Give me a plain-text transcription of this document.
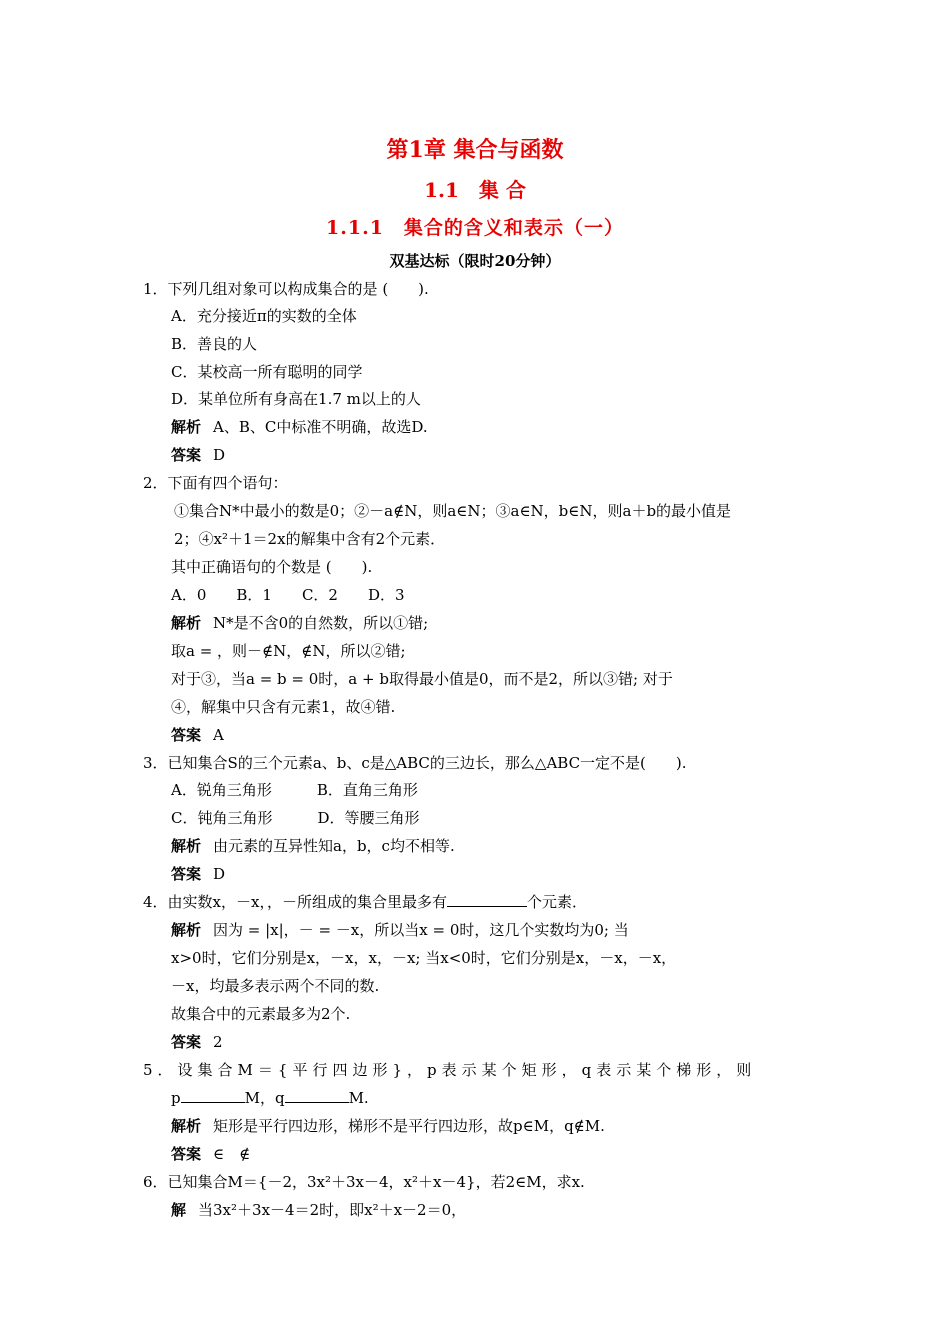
第1章 集合与函数
1.1　集 合
1.1.1　集合的含义和表示（一）
双基达标（限时20分钟）
1．下列几组对象可以构成集合的是 (　　).
A．充分接近π的实数的全体
B．善良的人
C．某校高一所有聪明的同学
D．某单位所有身高在1.7 m以上的人
解析 A、B、C中标准不明确，故选D.
答案 D
2．下面有四个语句：
①集合N*中最小的数是0；②－a∉N，则a∈N；③a∈N，b∈N，则a＋b的最小值是
2；④x²＋1＝2x的解集中含有2个元素．
其中正确语句的个数是 (　　).
A．0　　B．1　　C．2　　D．3
解析 N*是不含0的自然数，所以①错;
取a = ，则－∉N，∉N，所以②错;
对于③，当a = b = 0时，a + b取得最小值是0，而不是2，所以③错; 对于
④，解集中只含有元素1，故④错.
答案 A
3．已知集合S的三个元素a、b、c是△ABC的三边长，那么△ABC一定不是(　　).
A．锐角三角形　　　B．直角三角形
C．钝角三角形　　　D．等腰三角形
解析 由元素的互异性知a，b，c均不相等.
答案 D
4．由实数x，－x，，－所组成的集合里最多有	个元素．
解析 因为 = |x|，－ = －x，所以当x = 0时，这几个实数均为0; 当
x>0时，它们分别是x，－x，x，－x; 当x<0时，它们分别是x，－x，－x，
－x，均最多表示两个不同的数.
故集合中的元素最多为2个.
答案 2
5．设集合M＝{平行四边形}，p表示某个矩形，q表示某个梯形，则
p	M，q	M.
解析 矩形是平行四边形，梯形不是平行四边形，故p∈M，q∉M.
答案 ∈　∉
6．已知集合M＝{－2，3x²＋3x－4，x²＋x－4}，若2∈M，求x.
解 当3x²＋3x－4＝2时，即x²＋x－2＝0，
